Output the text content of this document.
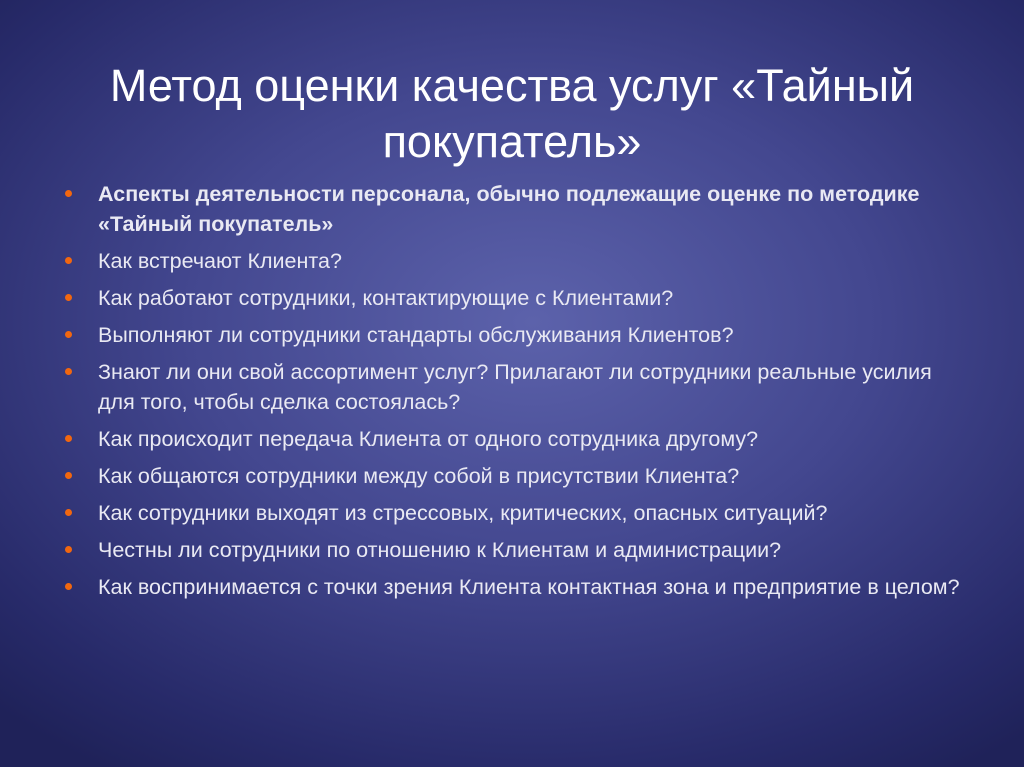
Метод оценки качества услуг «Тайный покупатель»
Аспекты деятельности персонала, обычно подлежащие оценке по методике «Тайный покупатель»
Как встречают Клиента?
Как работают сотрудники, контактирующие с Клиентами?
Выполняют ли сотрудники стандарты обслуживания Клиентов?
Знают ли они свой ассортимент услуг? Прилагают ли сотрудники реальные усилия для того, чтобы сделка состоялась?
Как происходит передача Клиента от одного сотрудника другому?
Как общаются сотрудники между собой в присутствии Клиента?
Как сотрудники выходят из стрессовых, критических, опасных ситуаций?
Честны ли сотрудники по отношению к Клиентам и администрации?
Как воспринимается с точки зрения Клиента контактная зона и предприятие в целом?
